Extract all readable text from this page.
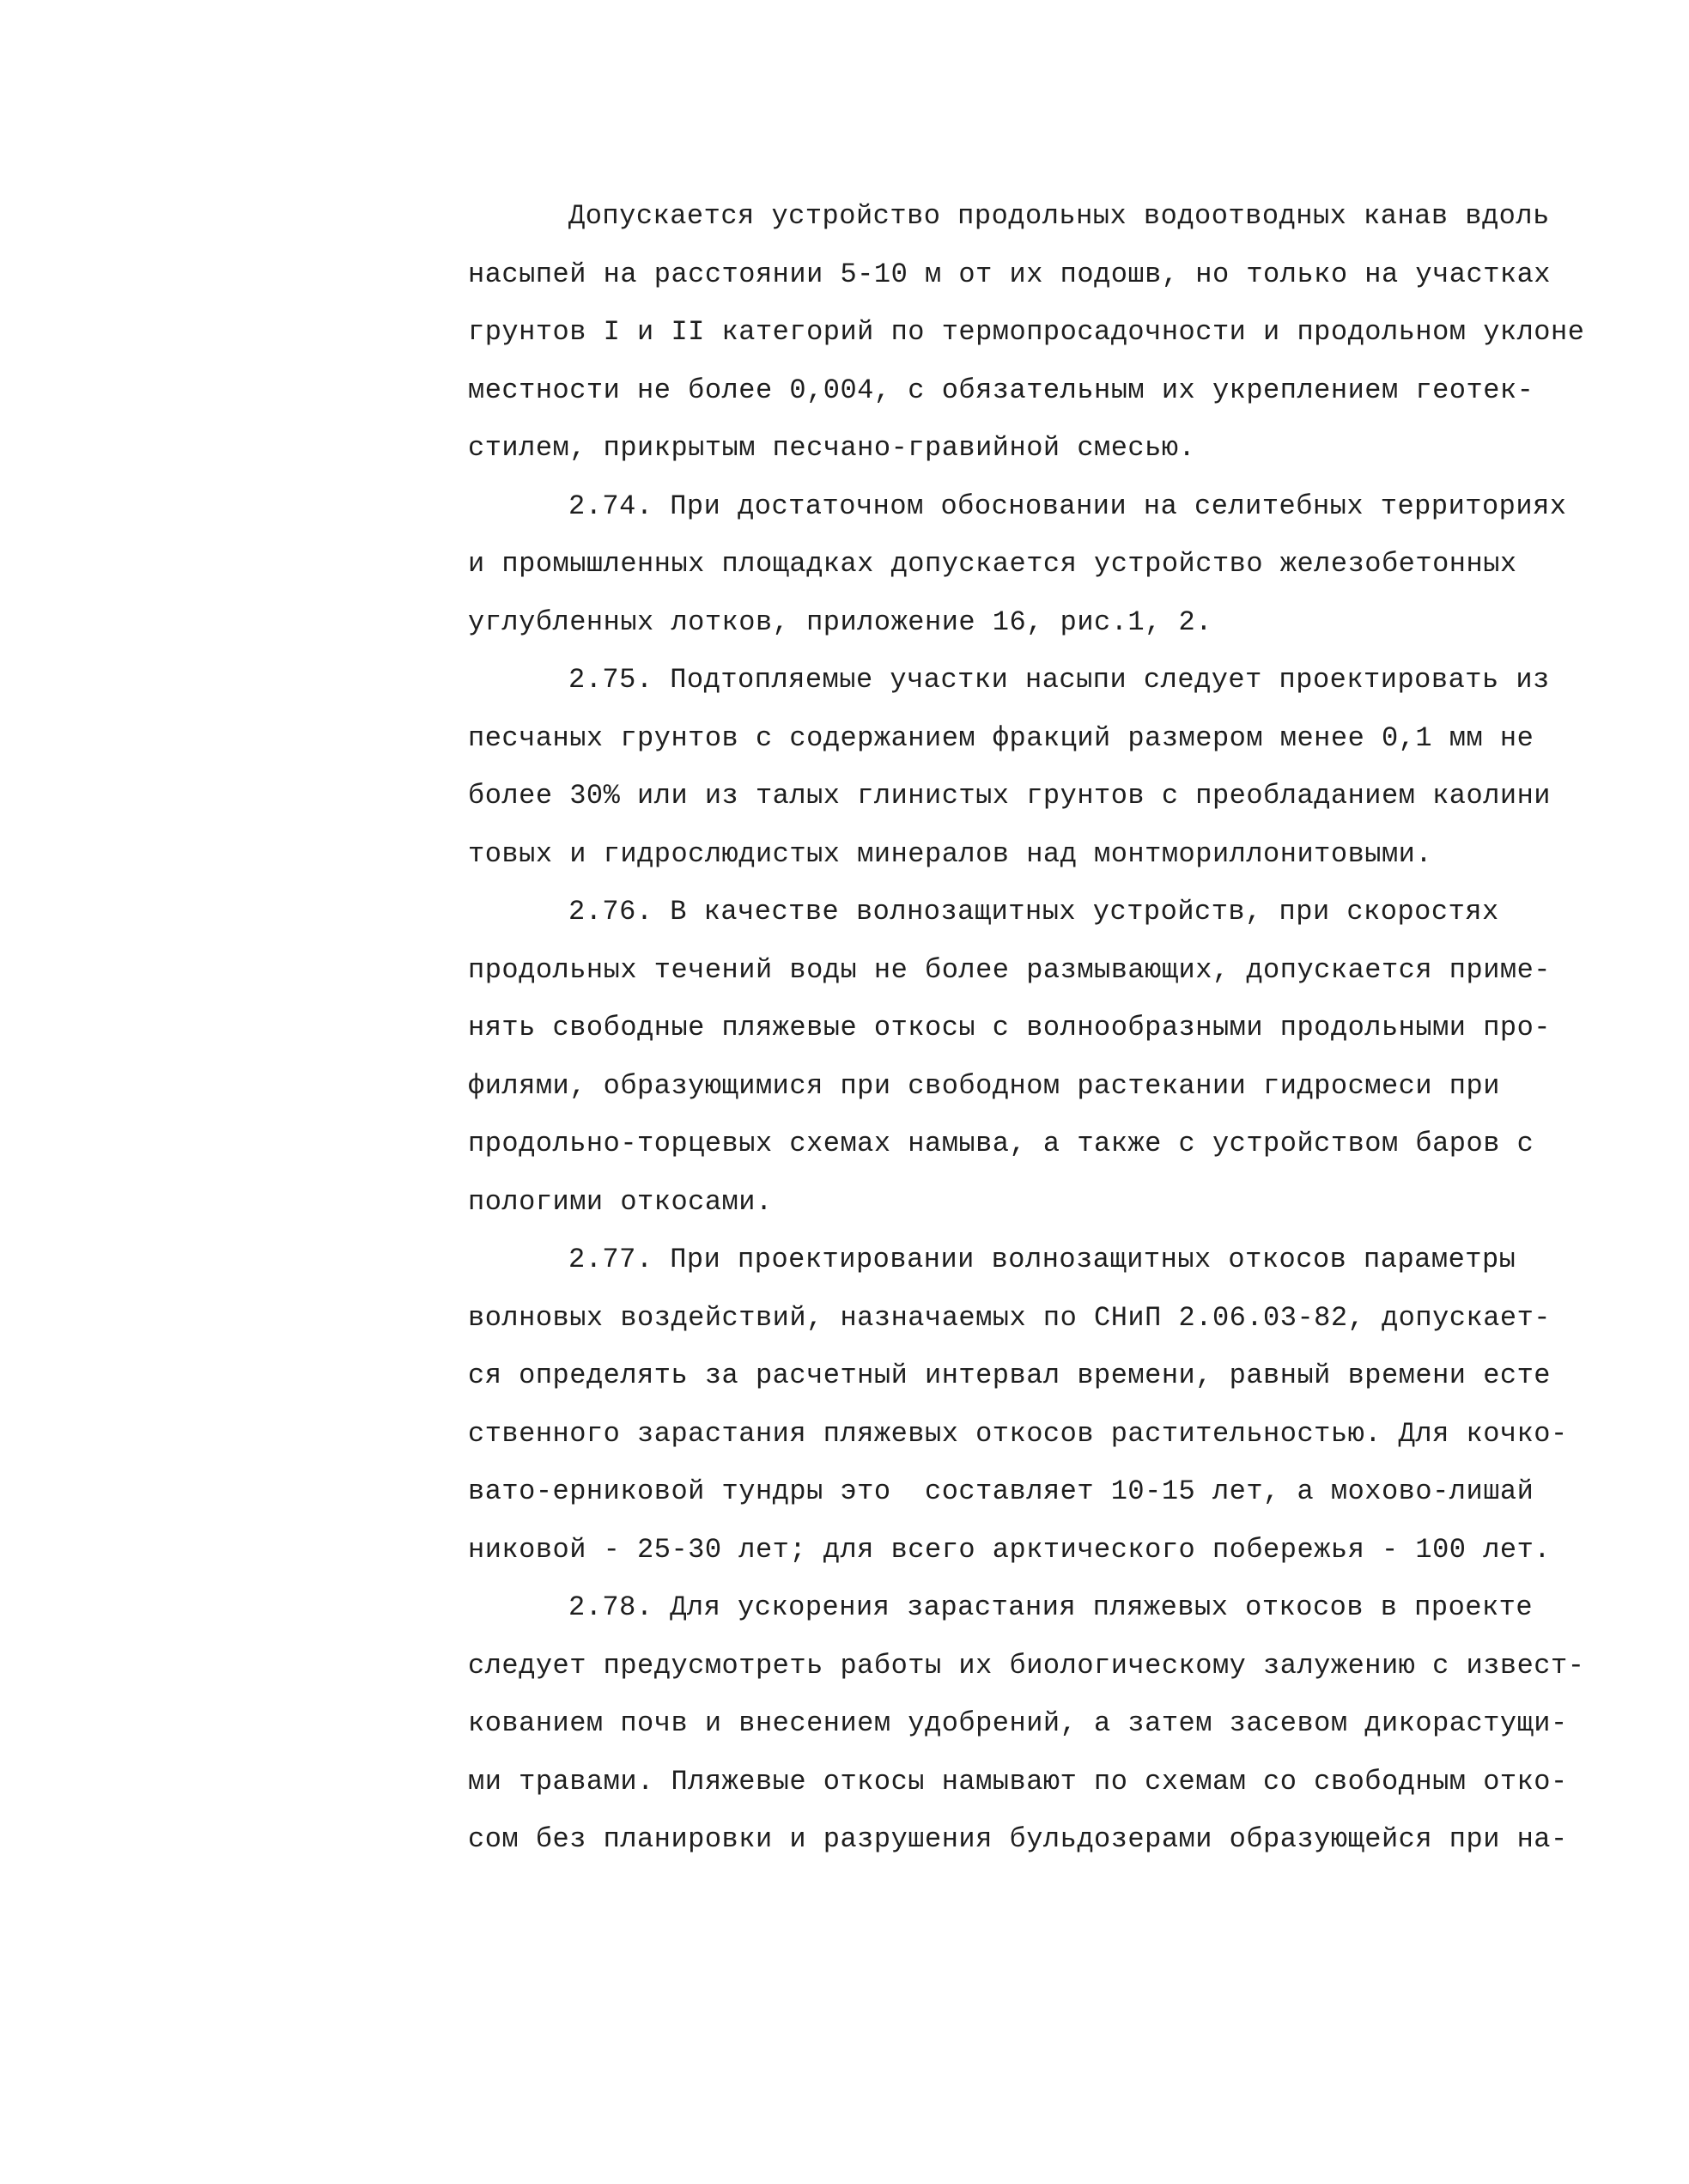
Допускается устройство продольных водоотводных канав вдоль
насыпей на расстоянии 5-10 м от их подошв, но только на участках
грунтов I и II категорий по термопросадочности и продольном уклоне
местности не более 0,004, с обязательным их укреплением геотек-
стилем, прикрытым песчано-гравийной смесью.
2.74. При достаточном обосновании на селитебных территориях
и промышленных площадках допускается устройство железобетонных
углубленных лотков, приложение 16, рис.1, 2.
2.75. Подтопляемые участки насыпи следует проектировать из
песчаных грунтов с содержанием фракций размером менее 0,1 мм не
более 30% или из талых глинистых грунтов с преобладанием каолини
товых и гидрослюдистых минералов над монтмориллонитовыми.
2.76. В качестве волнозащитных устройств, при скоростях
продольных течений воды не более размывающих, допускается приме-
нять свободные пляжевые откосы с волнообразными продольными про-
филями, образующимися при свободном растекании гидросмеси при
продольно-торцевых схемах намыва, а также с устройством баров с
пологими откосами.
2.77. При проектировании волнозащитных откосов параметры
волновых воздействий, назначаемых по СНиП 2.06.03-82, допускает-
ся определять за расчетный интервал времени, равный времени есте
ственного зарастания пляжевых откосов растительностью. Для кочко-
вато-ерниковой тундры это  составляет 10-15 лет, а мохово-лишай
никовой - 25-30 лет; для всего арктического побережья - 100 лет.
2.78. Для ускорения зарастания пляжевых откосов в проекте
следует предусмотреть работы их биологическому залужению с извест-
кованием почв и внесением удобрений, а затем засевом дикорастущи-
ми травами. Пляжевые откосы намывают по схемам со свободным отко-
сом без планировки и разрушения бульдозерами образующейся при на-
